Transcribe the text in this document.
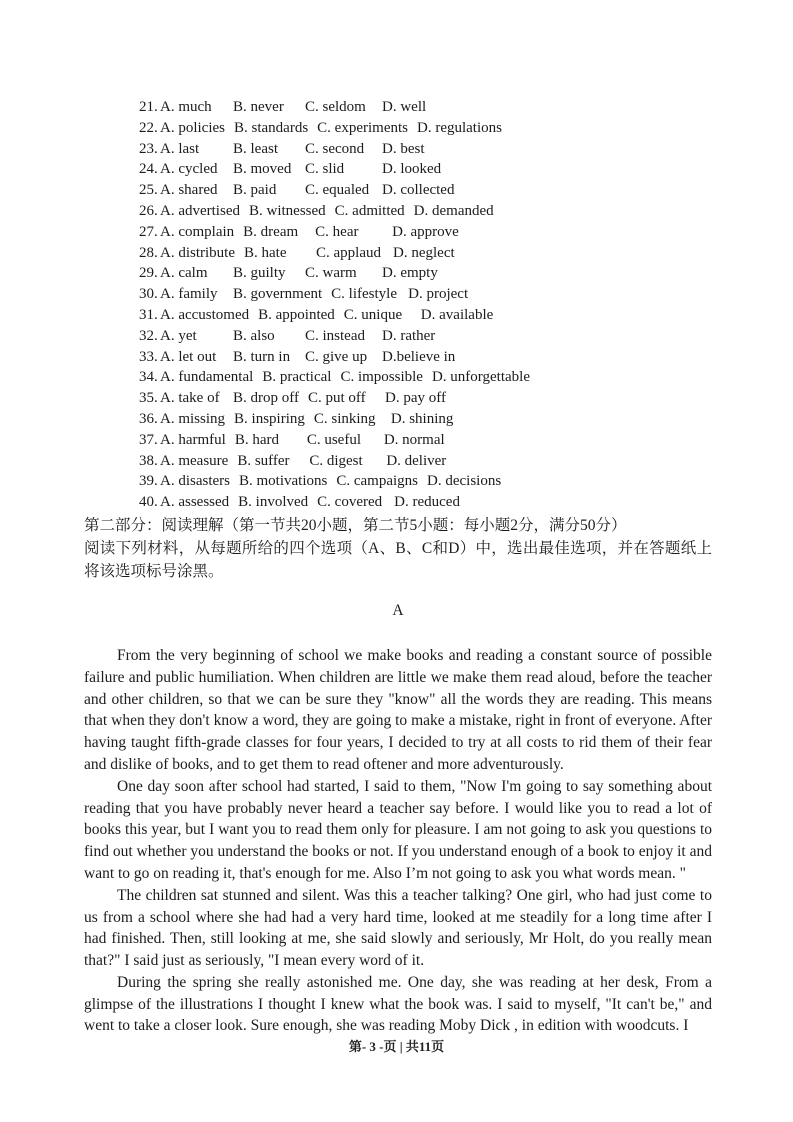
21. A. much B. never C. seldom D. well
22. A. policies B. standards C. experiments D. regulations
23. A. last B. least C. second D. best
24. A. cycled B. moved C. slid	D. looked
25. A. shared B. paid C. equaled D. collected
26. A. advertised B. witnessed C. admitted D. demanded
27. A. complain B. dream C. hear D. approve
28. A. distribute B. hate C. applaud D. neglect
29. A. calm B. guilty C. warm D. empty
30. A. family B. government C. lifestyle D. project
31. A. accustomed B. appointed C. unique D. available
32. A. yet B. also C. instead D. rather
33. A. let out B. turn in C. give up D.believe in
34. A. fundamental B. practical C. impossible D. unforgettable
35. A. take of B. drop off C. put off D. pay off
36. A. missing B. inspiring C. sinking D. shining
37. A. harmful B. hard C. useful D. normal
38. A. measure B. suffer C. digest D. deliver
39. A. disasters B. motivations C. campaigns D. decisions
40. A. assessed B. involved C. covered D. reduced
第二部分：阅读理解（第一节共20小题，第二节5小题：每小题2分，满分50分）
阅读下列材料，从每题所给的四个选项（A、B、C和D）中，选出最佳选项，并在答题纸上将该选项标号涂黑。
A

From the very beginning of school we make books and reading a constant source of possible failure and public humiliation. When children are little we make them read aloud, before the teacher and other children, so that we can be sure they "know" all the words they are reading. This means that when they don't know a word, they are going to make a mistake, right in front of everyone. After having taught fifth-grade classes for four years, I decided to try at all costs to rid them of their fear and dislike of books, and to get them to read oftener and more adventurously.

One day soon after school had started, I said to them, "Now I'm going to say something about reading that you have probably never heard a teacher say before. I would like you to read a lot of books this year, but I want you to read them only for pleasure. I am not going to ask you questions to find out whether you understand the books or not. If you understand enough of a book to enjoy it and want to go on reading it, that's enough for me. Also I’m not going to ask you what words mean. "

The children sat stunned and silent. Was this a teacher talking? One girl, who had just come to us from a school where she had had a very hard time, looked at me steadily for a long time after I had finished. Then, still looking at me, she said slowly and seriously, Mr Holt, do you really mean that?" I said just as seriously, "I mean every word of it.

During the spring she really astonished me. One day, she was reading at her desk, From a glimpse of the illustrations I thought I knew what the book was. I said to myself, "It can't be," and went to take a closer look. Sure enough, she was reading Moby Dick , in edition with woodcuts. I

第- 3 -页 | 共11页
